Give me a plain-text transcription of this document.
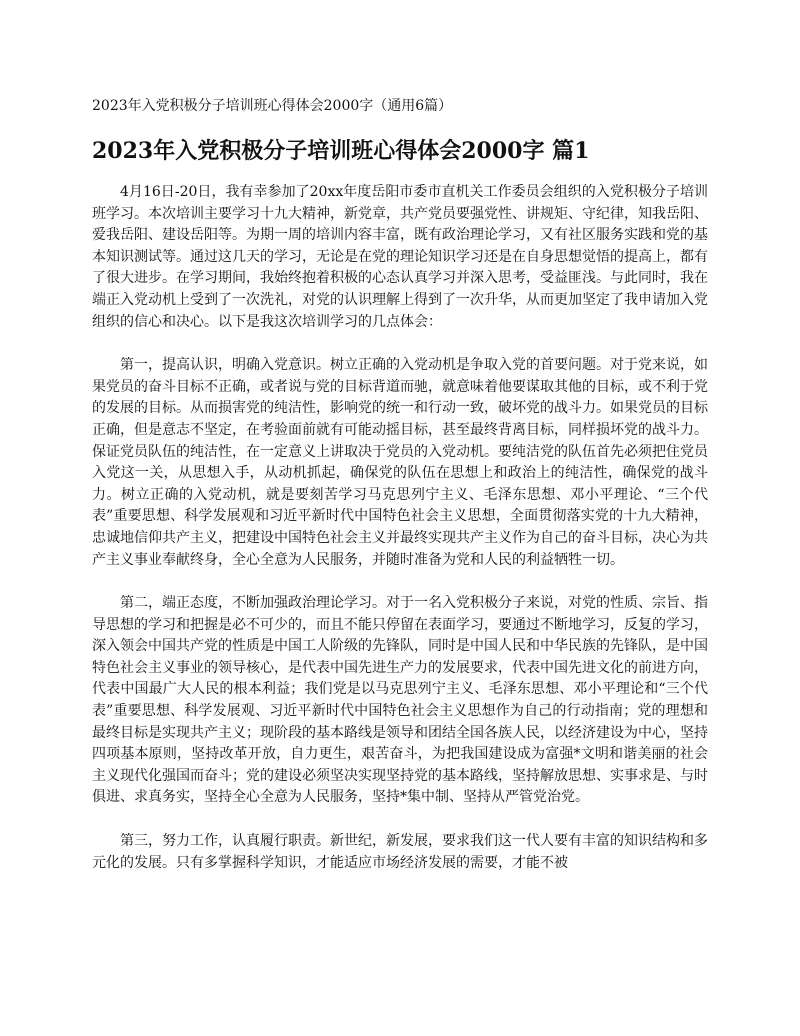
2023年入党积极分子培训班心得体会2000字（通用6篇）
2023年入党积极分子培训班心得体会2000字 篇1

4月16日-20日，我有幸参加了20xx年度岳阳市委市直机关工作委员会组织的入党积极分子培训班学习。本次培训主要学习十九大精神，新党章，共产党员要强党性、讲规矩、守纪律，知我岳阳、爱我岳阳、建设岳阳等。为期一周的培训内容丰富，既有政治理论学习，又有社区服务实践和党的基本知识测试等。通过这几天的学习，无论是在党的理论知识学习还是在自身思想觉悟的提高上，都有了很大进步。在学习期间，我始终抱着积极的心态认真学习并深入思考，受益匪浅。与此同时，我在端正入党动机上受到了一次洗礼，对党的认识理解上得到了一次升华，从而更加坚定了我申请加入党组织的信心和决心。以下是我这次培训学习的几点体会：

第一，提高认识，明确入党意识。树立正确的入党动机是争取入党的首要问题。对于党来说，如果党员的奋斗目标不正确，或者说与党的目标背道而驰，就意味着他要谋取其他的目标，或不利于党的发展的目标。从而损害党的纯洁性，影响党的统一和行动一致，破坏党的战斗力。如果党员的目标正确，但是意志不坚定，在考验面前就有可能动摇目标，甚至最终背离目标，同样损坏党的战斗力。保证党员队伍的纯洁性，在一定意义上讲取决于党员的入党动机。要纯洁党的队伍首先必须把住党员入党这一关，从思想入手，从动机抓起，确保党的队伍在思想上和政治上的纯洁性，确保党的战斗力。树立正确的入党动机，就是要刻苦学习马克思列宁主义、毛泽东思想、邓小平理论、“三个代表”重要思想、科学发展观和习近平新时代中国特色社会主义思想，全面贯彻落实党的十九大精神，忠诚地信仰共产主义，把建设中国特色社会主义并最终实现共产主义作为自己的奋斗目标，决心为共产主义事业奉献终身，全心全意为人民服务，并随时准备为党和人民的利益牺牲一切。

第二，端正态度，不断加强政治理论学习。对于一名入党积极分子来说，对党的性质、宗旨、指导思想的学习和把握是必不可少的，而且不能只停留在表面学习，要通过不断地学习，反复的学习，深入领会中国共产党的性质是中国工人阶级的先锋队，同时是中国人民和中华民族的先锋队，是中国特色社会主义事业的领导核心，是代表中国先进生产力的发展要求，代表中国先进文化的前进方向，代表中国最广大人民的根本利益；我们党是以马克思列宁主义、毛泽东思想、邓小平理论和“三个代表”重要思想、科学发展观、习近平新时代中国特色社会主义思想作为自己的行动指南；党的理想和最终目标是实现共产主义；现阶段的基本路线是领导和团结全国各族人民，以经济建设为中心，坚持四项基本原则，坚持改革开放，自力更生，艰苦奋斗，为把我国建设成为富强*文明和谐美丽的社会主义现代化强国而奋斗；党的建设必须坚决实现坚持党的基本路线，坚持解放思想、实事求是、与时俱进、求真务实，坚持全心全意为人民服务，坚持*集中制、坚持从严管党治党。

第三，努力工作，认真履行职责。新世纪，新发展，要求我们这一代人要有丰富的知识结构和多元化的发展。只有多掌握科学知识，才能适应市场经济发展的需要，才能不被
